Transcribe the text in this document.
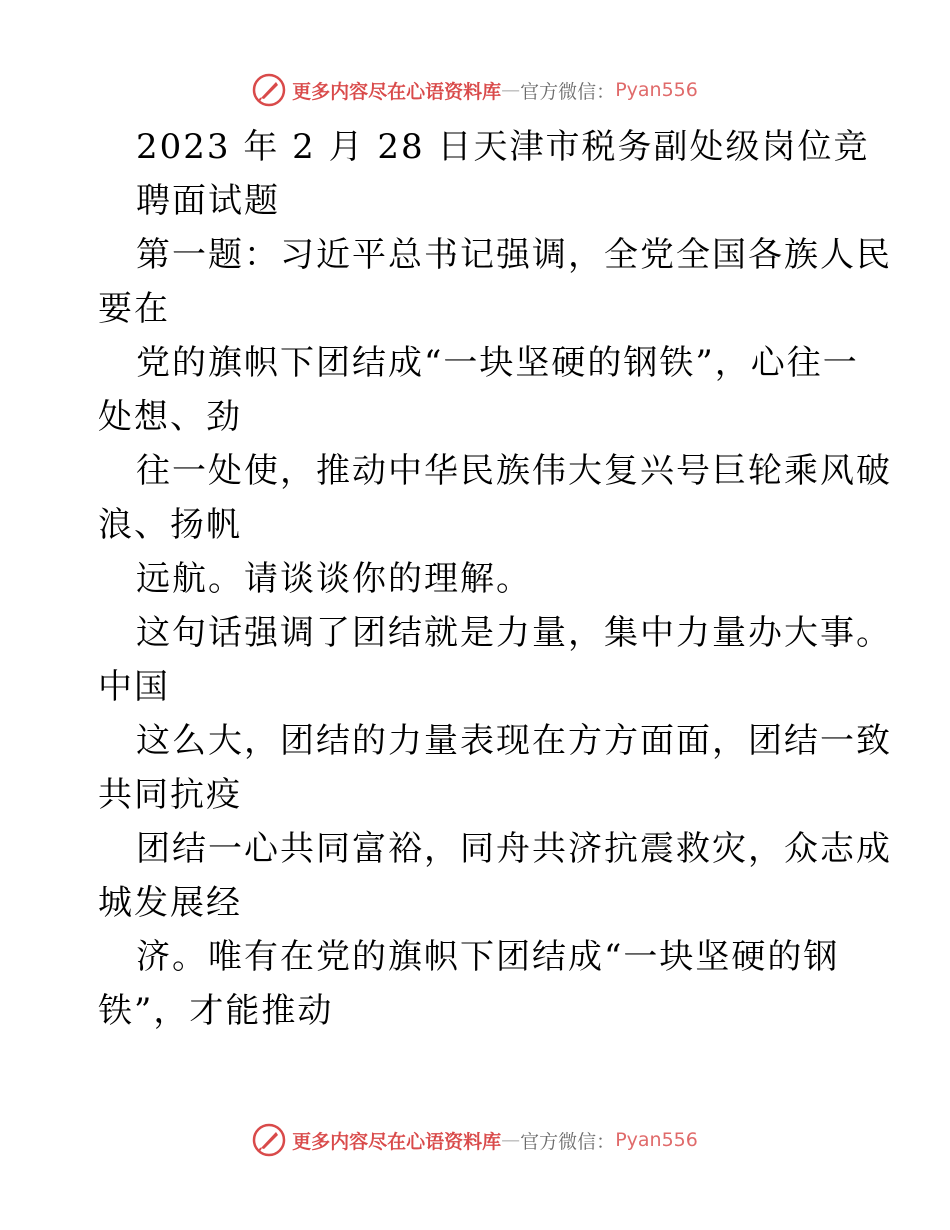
更多内容尽在心语资料库 — 官方微信： Pyan556
2023 年 2 月 28 日天津市税务副处级岗位竞
聘面试题
第一题：习近平总书记强调，全党全国各族人民
要在
党的旗帜下团结成“一块坚硬的钢铁”，心往一
处想、劲
往一处使，推动中华民族伟大复兴号巨轮乘风破
浪、扬帆
远航。请谈谈你的理解。
这句话强调了团结就是力量，集中力量办大事。
中国
这么大，团结的力量表现在方方面面，团结一致
共同抗疫
团结一心共同富裕，同舟共济抗震救灾，众志成
城发展经
济。唯有在党的旗帜下团结成“一块坚硬的钢
铁”，才能推动
更多内容尽在心语资料库 — 官方微信： Pyan556
